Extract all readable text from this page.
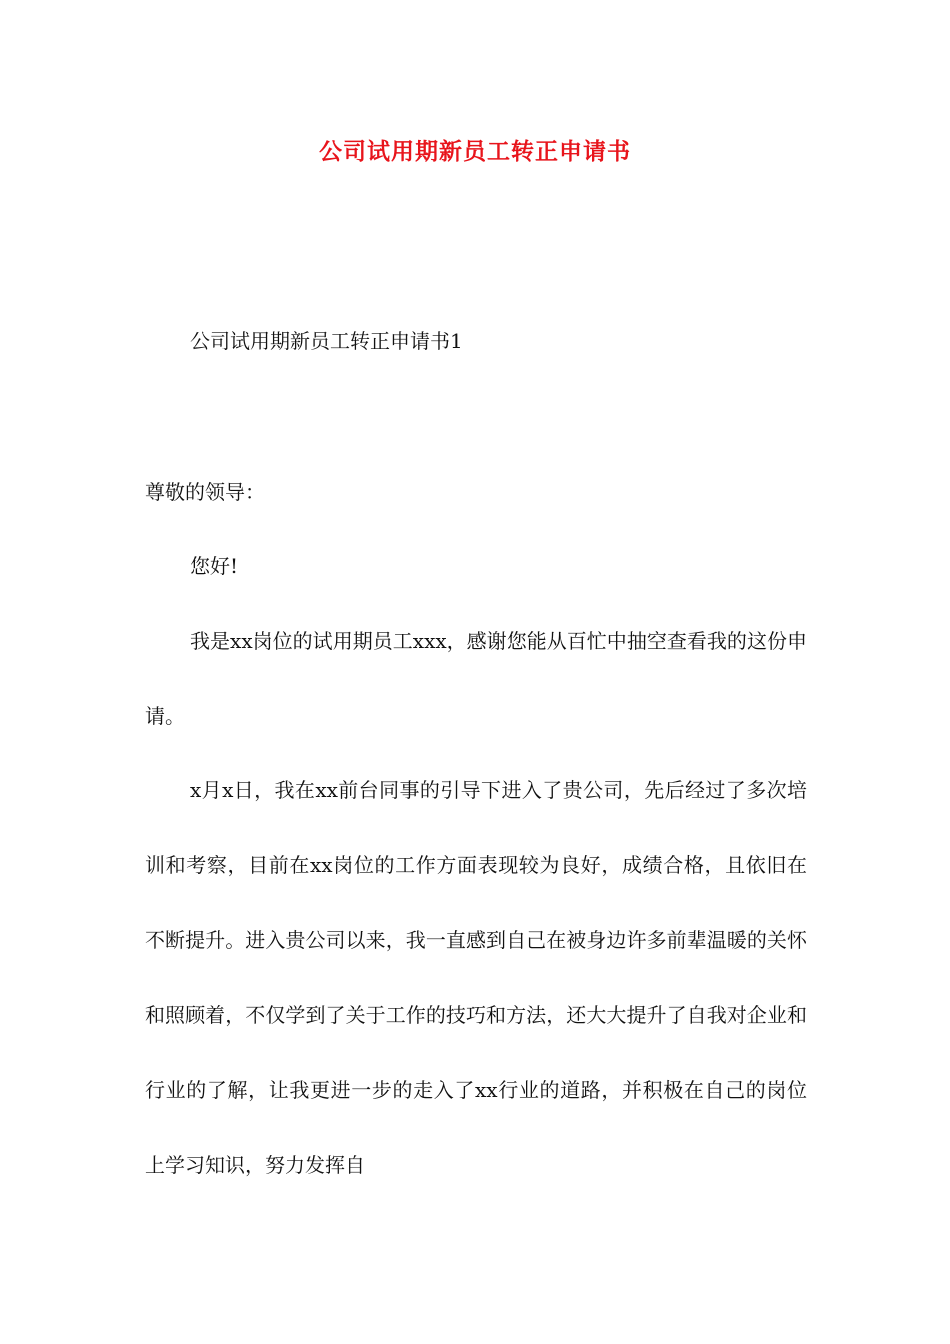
公司试用期新员工转正申请书

公司试用期新员工转正申请书1

尊敬的领导：

您好!

我是xx岗位的试用期员工xxx，感谢您能从百忙中抽空查看我的这份申请。

x月x日，我在xx前台同事的引导下进入了贵公司，先后经过了多次培训和考察，目前在xx岗位的工作方面表现较为良好，成绩合格，且依旧在不断提升。进入贵公司以来，我一直感到自己在被身边许多前辈温暖的关怀和照顾着，不仅学到了关于工作的技巧和方法，还大大提升了自我对企业和行业的了解，让我更进一步的走入了xx行业的道路，并积极在自己的岗位上学习知识，努力发挥自
